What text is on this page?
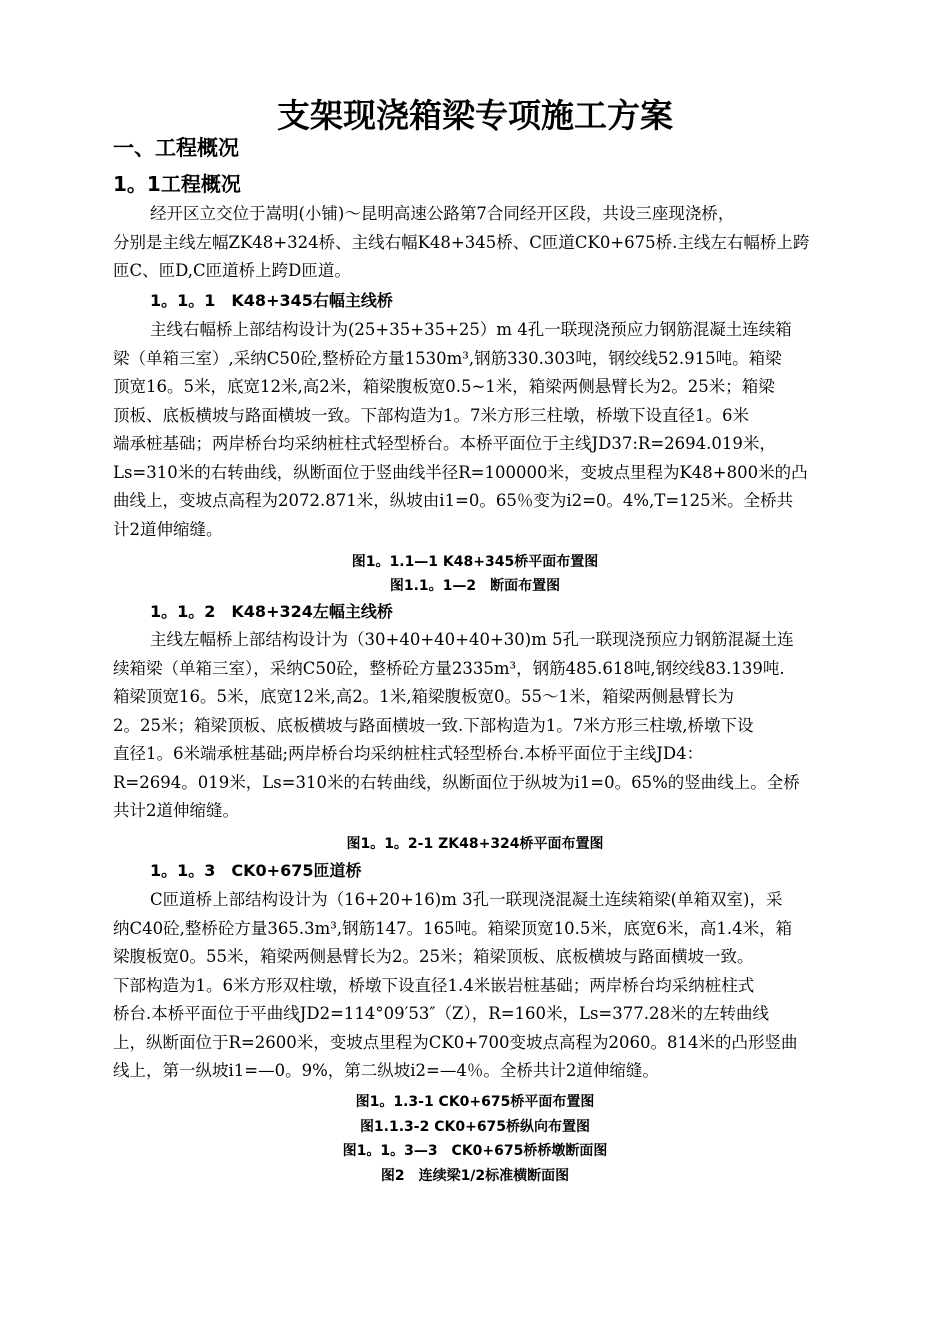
支架现浇箱梁专项施工方案
一、工程概况
1。1工程概况
经开区立交位于嵩明(小铺)～昆明高速公路第7合同经开区段，共设三座现浇桥，
分别是主线左幅ZK48+324桥、主线右幅K48+345桥、C匝道CK0+675桥.主线左右幅桥上跨
匝C、匝D,C匝道桥上跨D匝道。
1。1。1　K48+345右幅主线桥
主线右幅桥上部结构设计为(25+35+35+25）m 4孔一联现浇预应力钢筋混凝土连续箱
梁（单箱三室）,采纳C50砼,整桥砼方量1530m³,钢筋330.303吨，钢绞线52.915吨。箱梁
顶宽16。5米，底宽12米,高2米，箱梁腹板宽0.5~1米，箱梁两侧悬臂长为2。25米；箱梁
顶板、底板横坡与路面横坡一致。下部构造为1。7米方形三柱墩，桥墩下设直径1。6米
端承桩基础；两岸桥台均采纳桩柱式轻型桥台。本桥平面位于主线JD37:R=2694.019米，
Ls=310米的右转曲线，纵断面位于竖曲线半径R=100000米，变坡点里程为K48+800米的凸
曲线上，变坡点高程为2072.871米，纵坡由i1=0。65％变为i2=0。4%,T=125米。全桥共
计2道伸缩缝。
图1。1.1—1 K48+345桥平面布置图
图1.1。1—2　断面布置图
1。1。2　K48+324左幅主线桥
主线左幅桥上部结构设计为（30+40+40+40+30)m 5孔一联现浇预应力钢筋混凝土连
续箱梁（单箱三室），采纳C50砼，整桥砼方量2335m³，钢筋485.618吨,钢绞线83.139吨.
箱梁顶宽16。5米，底宽12米,高2。1米,箱梁腹板宽0。55～1米，箱梁两侧悬臂长为
2。25米；箱梁顶板、底板横坡与路面横坡一致.下部构造为1。7米方形三柱墩,桥墩下设
直径1。6米端承桩基础;两岸桥台均采纳桩柱式轻型桥台.本桥平面位于主线JD4：
R=2694。019米，Ls=310米的右转曲线，纵断面位于纵坡为i1=0。65%的竖曲线上。全桥
共计2道伸缩缝。
图1。1。2-1 ZK48+324桥平面布置图
1。1。3　CK0+675匝道桥
C匝道桥上部结构设计为（16+20+16)m 3孔一联现浇混凝土连续箱梁(单箱双室)，采
纳C40砼,整桥砼方量365.3m³,钢筋147。165吨。箱梁顶宽10.5米，底宽6米，高1.4米，箱
梁腹板宽0。55米，箱梁两侧悬臂长为2。25米；箱梁顶板、底板横坡与路面横坡一致。
下部构造为1。6米方形双柱墩，桥墩下设直径1.4米嵌岩桩基础；两岸桥台均采纳桩柱式
桥台.本桥平面位于平曲线JD2=114°09′53″（Z），R=160米，Ls=377.28米的左转曲线
上，纵断面位于R=2600米，变坡点里程为CK0+700变坡点高程为2060。814米的凸形竖曲
线上，第一纵坡i1=—0。9%，第二纵坡i2=—4％。全桥共计2道伸缩缝。
图1。1.3-1 CK0+675桥平面布置图
图1.1.3-2 CK0+675桥纵向布置图
图1。1。3—3　CK0+675桥桥墩断面图
图2　连续梁1/2标准横断面图
